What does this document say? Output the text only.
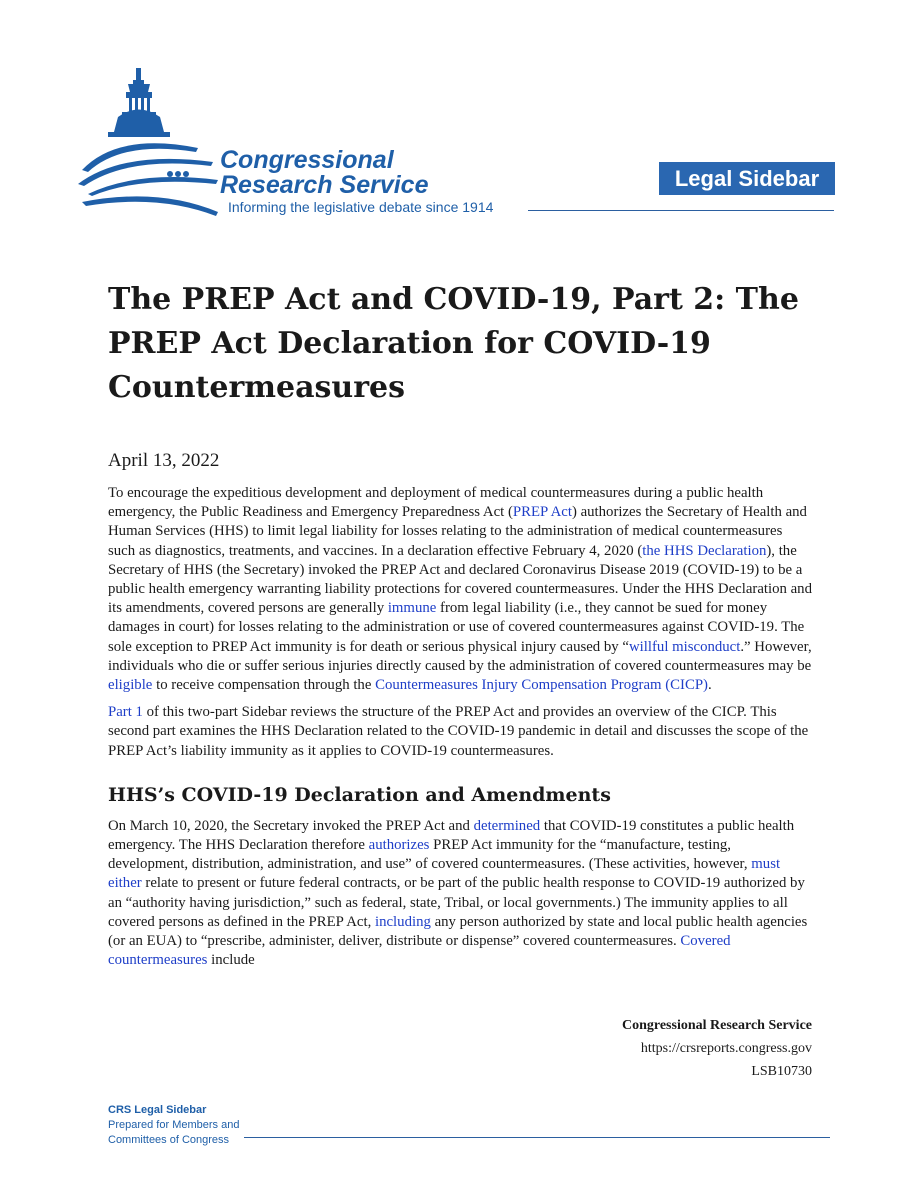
Congressional
Research Service
Informing the legislative debate since 1914
Legal Sidebar
The PREP Act and COVID-19, Part 2: The PREP Act Declaration for COVID-19 Countermeasures

April 13, 2022

To encourage the expeditious development and deployment of medical countermeasures during a public health emergency, the Public Readiness and Emergency Preparedness Act (PREP Act) authorizes the Secretary of Health and Human Services (HHS) to limit legal liability for losses relating to the administration of medical countermeasures such as diagnostics, treatments, and vaccines. In a declaration effective February 4, 2020 (the HHS Declaration), the Secretary of HHS (the Secretary) invoked the PREP Act and declared Coronavirus Disease 2019 (COVID-19) to be a public health emergency warranting liability protections for covered countermeasures. Under the HHS Declaration and its amendments, covered persons are generally immune from legal liability (i.e., they cannot be sued for money damages in court) for losses relating to the administration or use of covered countermeasures against COVID-19. The sole exception to PREP Act immunity is for death or serious physical injury caused by “willful misconduct.” However, individuals who die or suffer serious injuries directly caused by the administration of covered countermeasures may be eligible to receive compensation through the Countermeasures Injury Compensation Program (CICP).

Part 1 of this two-part Sidebar reviews the structure of the PREP Act and provides an overview of the CICP. This second part examines the HHS Declaration related to the COVID-19 pandemic in detail and discusses the scope of the PREP Act’s liability immunity as it applies to COVID-19 countermeasures.

HHS’s COVID-19 Declaration and Amendments

On March 10, 2020, the Secretary invoked the PREP Act and determined that COVID-19 constitutes a public health emergency. The HHS Declaration therefore authorizes PREP Act immunity for the “manufacture, testing, development, distribution, administration, and use” of covered countermeasures. (These activities, however, must either relate to present or future federal contracts, or be part of the public health response to COVID-19 authorized by an “authority having jurisdiction,” such as federal, state, Tribal, or local governments.) The immunity applies to all covered persons as defined in the PREP Act, including any person authorized by state and local public health agencies (or an EUA) to “prescribe, administer, deliver, distribute or dispense” covered countermeasures. Covered countermeasures include

Congressional Research Service
https://crsreports.congress.gov
LSB10730
CRS Legal Sidebar
Prepared for Members and
Committees of Congress
